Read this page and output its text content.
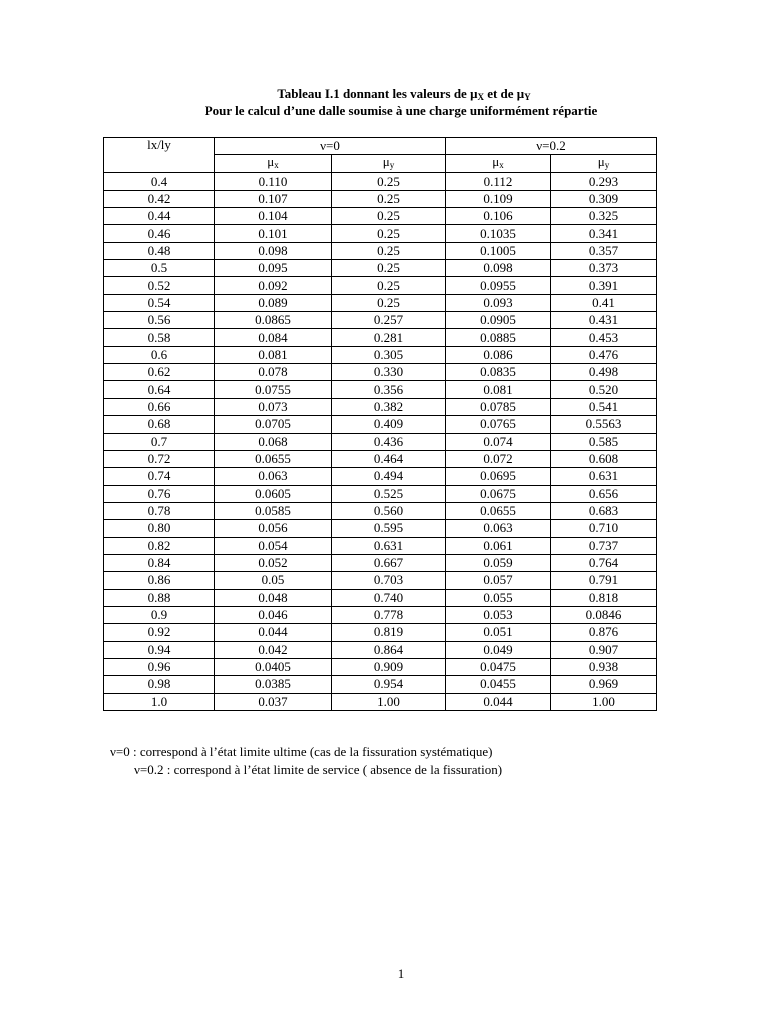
Tableau I.1 donnant les valeurs de $\mu_X$ et de $\mu_Y$
Pour le calcul d’une dalle soumise à une charge uniformément répartie
lx/ly	ν=0		ν=0.2	
	$\mu_x$	$\mu_y$	$\mu_x$	$\mu_y$
0.4	0.110	0.25	0.112	0.293
0.42	0.107	0.25	0.109	0.309
0.44	0.104	0.25	0.106	0.325
0.46	0.101	0.25	0.1035	0.341
0.48	0.098	0.25	0.1005	0.357
0.5	0.095	0.25	0.098	0.373
0.52	0.092	0.25	0.0955	0.391
0.54	0.089	0.25	0.093	0.41
0.56	0.0865	0.257	0.0905	0.431
0.58	0.084	0.281	0.0885	0.453
0.6	0.081	0.305	0.086	0.476
0.62	0.078	0.330	0.0835	0.498
0.64	0.0755	0.356	0.081	0.520
0.66	0.073	0.382	0.0785	0.541
0.68	0.0705	0.409	0.0765	0.5563
0.7	0.068	0.436	0.074	0.585
0.72	0.0655	0.464	0.072	0.608
0.74	0.063	0.494	0.0695	0.631
0.76	0.0605	0.525	0.0675	0.656
0.78	0.0585	0.560	0.0655	0.683
0.80	0.056	0.595	0.063	0.710
0.82	0.054	0.631	0.061	0.737
0.84	0.052	0.667	0.059	0.764
0.86	0.05	0.703	0.057	0.791
0.88	0.048	0.740	0.055	0.818
0.9	0.046	0.778	0.053	0.0846
0.92	0.044	0.819	0.051	0.876
0.94	0.042	0.864	0.049	0.907
0.96	0.0405	0.909	0.0475	0.938
0.98	0.0385	0.954	0.0455	0.969
1.0	0.037	1.00	0.044	1.00
ν=0 : correspond à l’état limite ultime (cas de la fissuration systématique)
ν=0.2 : correspond à l’état limite de service ( absence de la fissuration)
1
